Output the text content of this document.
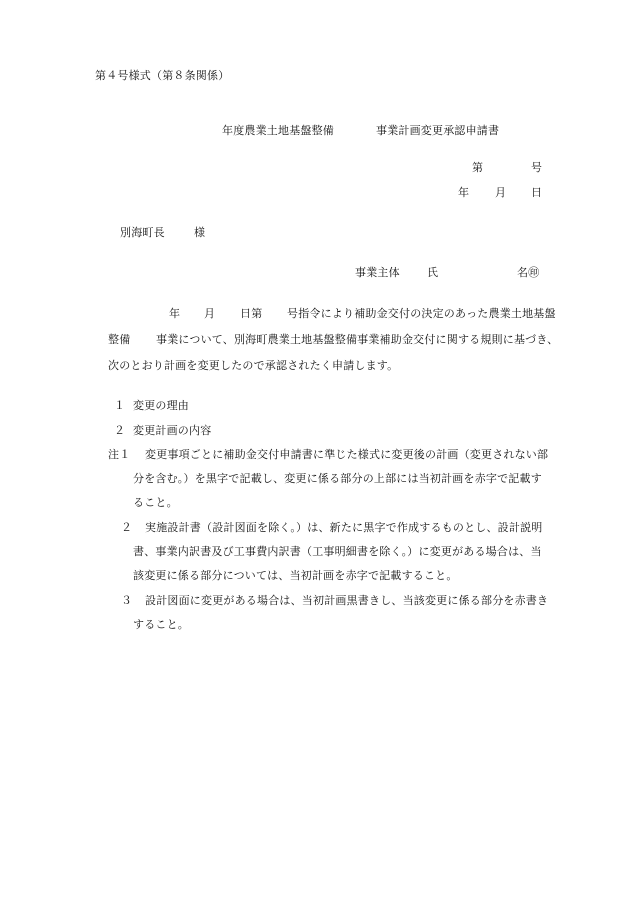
第４号様式（第８条関係）
年度農業土地基盤整備	事業計画変更承認申請書
第	号
年 月 日
別海町長	様
事業主体 氏	名㊞
年 月 日第 号指令により補助金交付の決定のあった農業土地基盤
整備 事業について、別海町農業土地基盤整備事業補助金交付に関する規則に基づき、
次のとおり計画を変更したので承認されたく申請します。
１ 変更の理由
２ 変更計画の内容
注１ 変更事項ごとに補助金交付申請書に準じた様式に変更後の計画（変更されない部
分を含む。）を黒字で記載し、変更に係る部分の上部には当初計画を赤字で記載す
ること。
２ 実施設計書（設計図面を除く。）は、新たに黒字で作成するものとし、設計説明
書、事業内訳書及び工事費内訳書（工事明細書を除く。）に変更がある場合は、当
該変更に係る部分については、当初計画を赤字で記載すること。
３ 設計図面に変更がある場合は、当初計画黒書きし、当該変更に係る部分を赤書き
すること。
